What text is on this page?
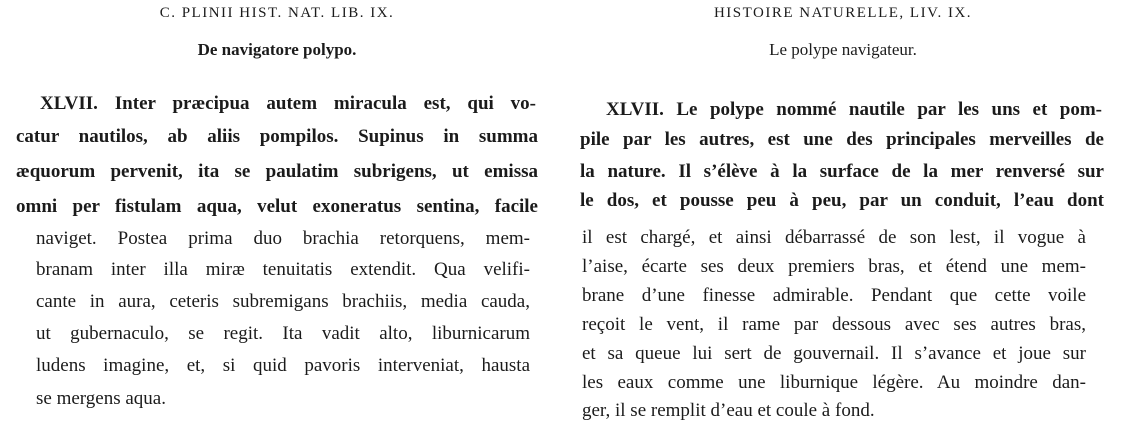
C. PLINII HIST. NAT. LIB. IX.
De navigatore polypo.
XLVII. Inter præcipua autem miracula est, qui vo-
catur nautilos, ab aliis pompilos. Supinus in summa
æquorum pervenit, ita se paulatim subrigens, ut emissa
omni per fistulam aqua, velut exoneratus sentina, facile
naviget. Postea prima duo brachia retorquens, mem-
branam inter illa miræ tenuitatis extendit. Qua velifi-
cante in aura, ceteris subremigans brachiis, media cauda,
ut gubernaculo, se regit. Ita vadit alto, liburnicarum
ludens imagine, et, si quid pavoris interveniat, hausta
se mergens aqua.
HISTOIRE NATURELLE, LIV. IX.
Le polype navigateur.
XLVII. Le polype nommé nautile par les uns et pom-
pile par les autres, est une des principales merveilles de
la nature. Il s’élève à la surface de la mer renversé sur
le dos, et pousse peu à peu, par un conduit, l’eau dont
il est chargé, et ainsi débarrassé de son lest, il vogue à
l’aise, écarte ses deux premiers bras, et étend une mem-
brane d’une finesse admirable. Pendant que cette voile
reçoit le vent, il rame par dessous avec ses autres bras,
et sa queue lui sert de gouvernail. Il s’avance et joue sur
les eaux comme une liburnique légère. Au moindre dan-
ger, il se remplit d’eau et coule à fond.
